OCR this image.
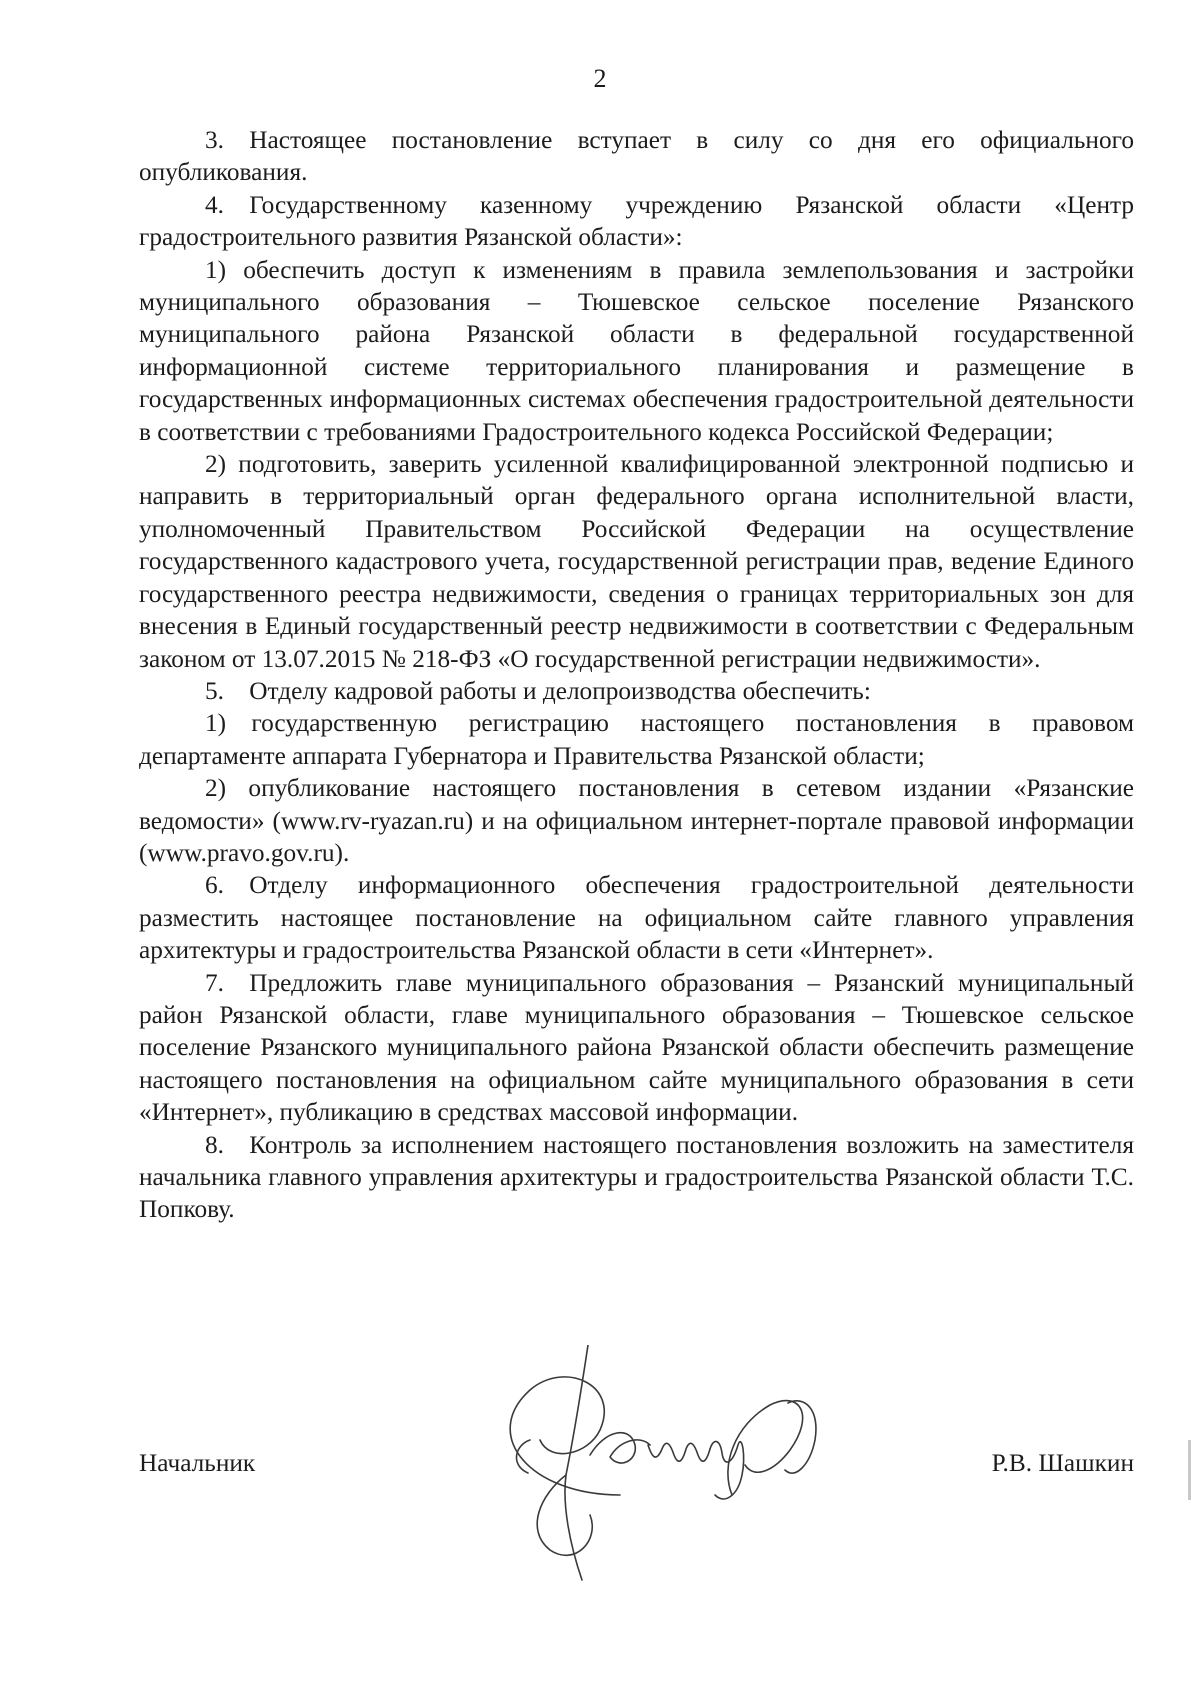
2

3. Настоящее постановление вступает в силу со дня его официального опубликования.

4. Государственному казенному учреждению Рязанской области «Центр градостроительного развития Рязанской области»:

1) обеспечить доступ к изменениям в правила землепользования и застройки муниципального образования – Тюшевское сельское поселение Рязанского муниципального района Рязанской области в федеральной государственной информационной системе территориального планирования и размещение в государственных информационных системах обеспечения градостроительной деятельности в соответствии с требованиями Градостроительного кодекса Российской Федерации;

2) подготовить, заверить усиленной квалифицированной электронной подписью и направить в территориальный орган федерального органа исполнительной власти, уполномоченный Правительством Российской Федерации на осуществление государственного кадастрового учета, государственной регистрации прав, ведение Единого государственного реестра недвижимости, сведения о границах территориальных зон для внесения в Единый государственный реестр недвижимости в соответствии с Федеральным законом от 13.07.2015 № 218-ФЗ «О государственной регистрации недвижимости».

5. Отделу кадровой работы и делопроизводства обеспечить:

1) государственную регистрацию настоящего постановления в правовом департаменте аппарата Губернатора и Правительства Рязанской области;

2) опубликование настоящего постановления в сетевом издании «Рязанские ведомости» (www.rv-ryazan.ru) и на официальном интернет-портале правовой информации (www.pravo.gov.ru).

6. Отделу информационного обеспечения градостроительной деятельности разместить настоящее постановление на официальном сайте главного управления архитектуры и градостроительства Рязанской области в сети «Интернет».

7. Предложить главе муниципального образования – Рязанский муниципальный район Рязанской области, главе муниципального образования – Тюшевское сельское поселение Рязанского муниципального района Рязанской области обеспечить размещение настоящего постановления на официальном сайте муниципального образования в сети «Интернет», публикацию в средствах массовой информации.

8. Контроль за исполнением настоящего постановления возложить на заместителя начальника главного управления архитектуры и градостроительства Рязанской области Т.С. Попкову.

Начальник	Р.В. Шашкин
